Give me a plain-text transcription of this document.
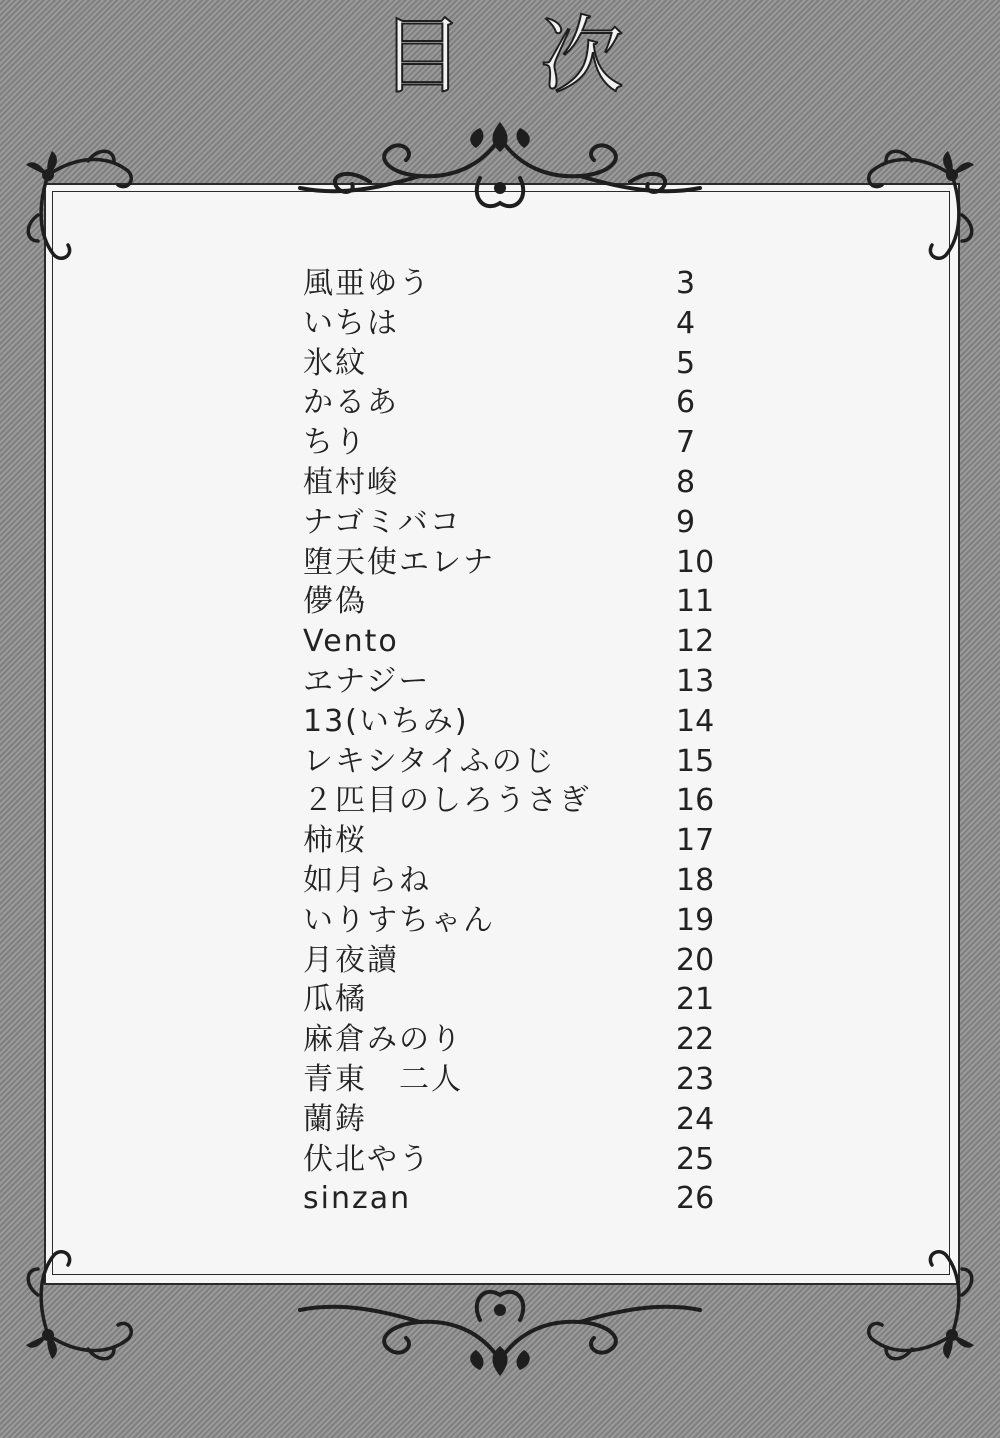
目 次
風亜ゆう	3
いちは	4
氷紋	5
かるあ	6
ちり	7
植村峻	8
ナゴミバコ	9
堕天使エレナ	10
儚偽	11
Vento	12
ヱナジー	13
13(いちみ)	14
レキシタイふのじ	15
２匹目のしろうさぎ	16
柿桜	17
如月らね	18
いりすちゃん	19
月夜讀	20
瓜橘	21
麻倉みのり	22
青東　二人	23
蘭鋳	24
伏北やう	25
sinzan	26
